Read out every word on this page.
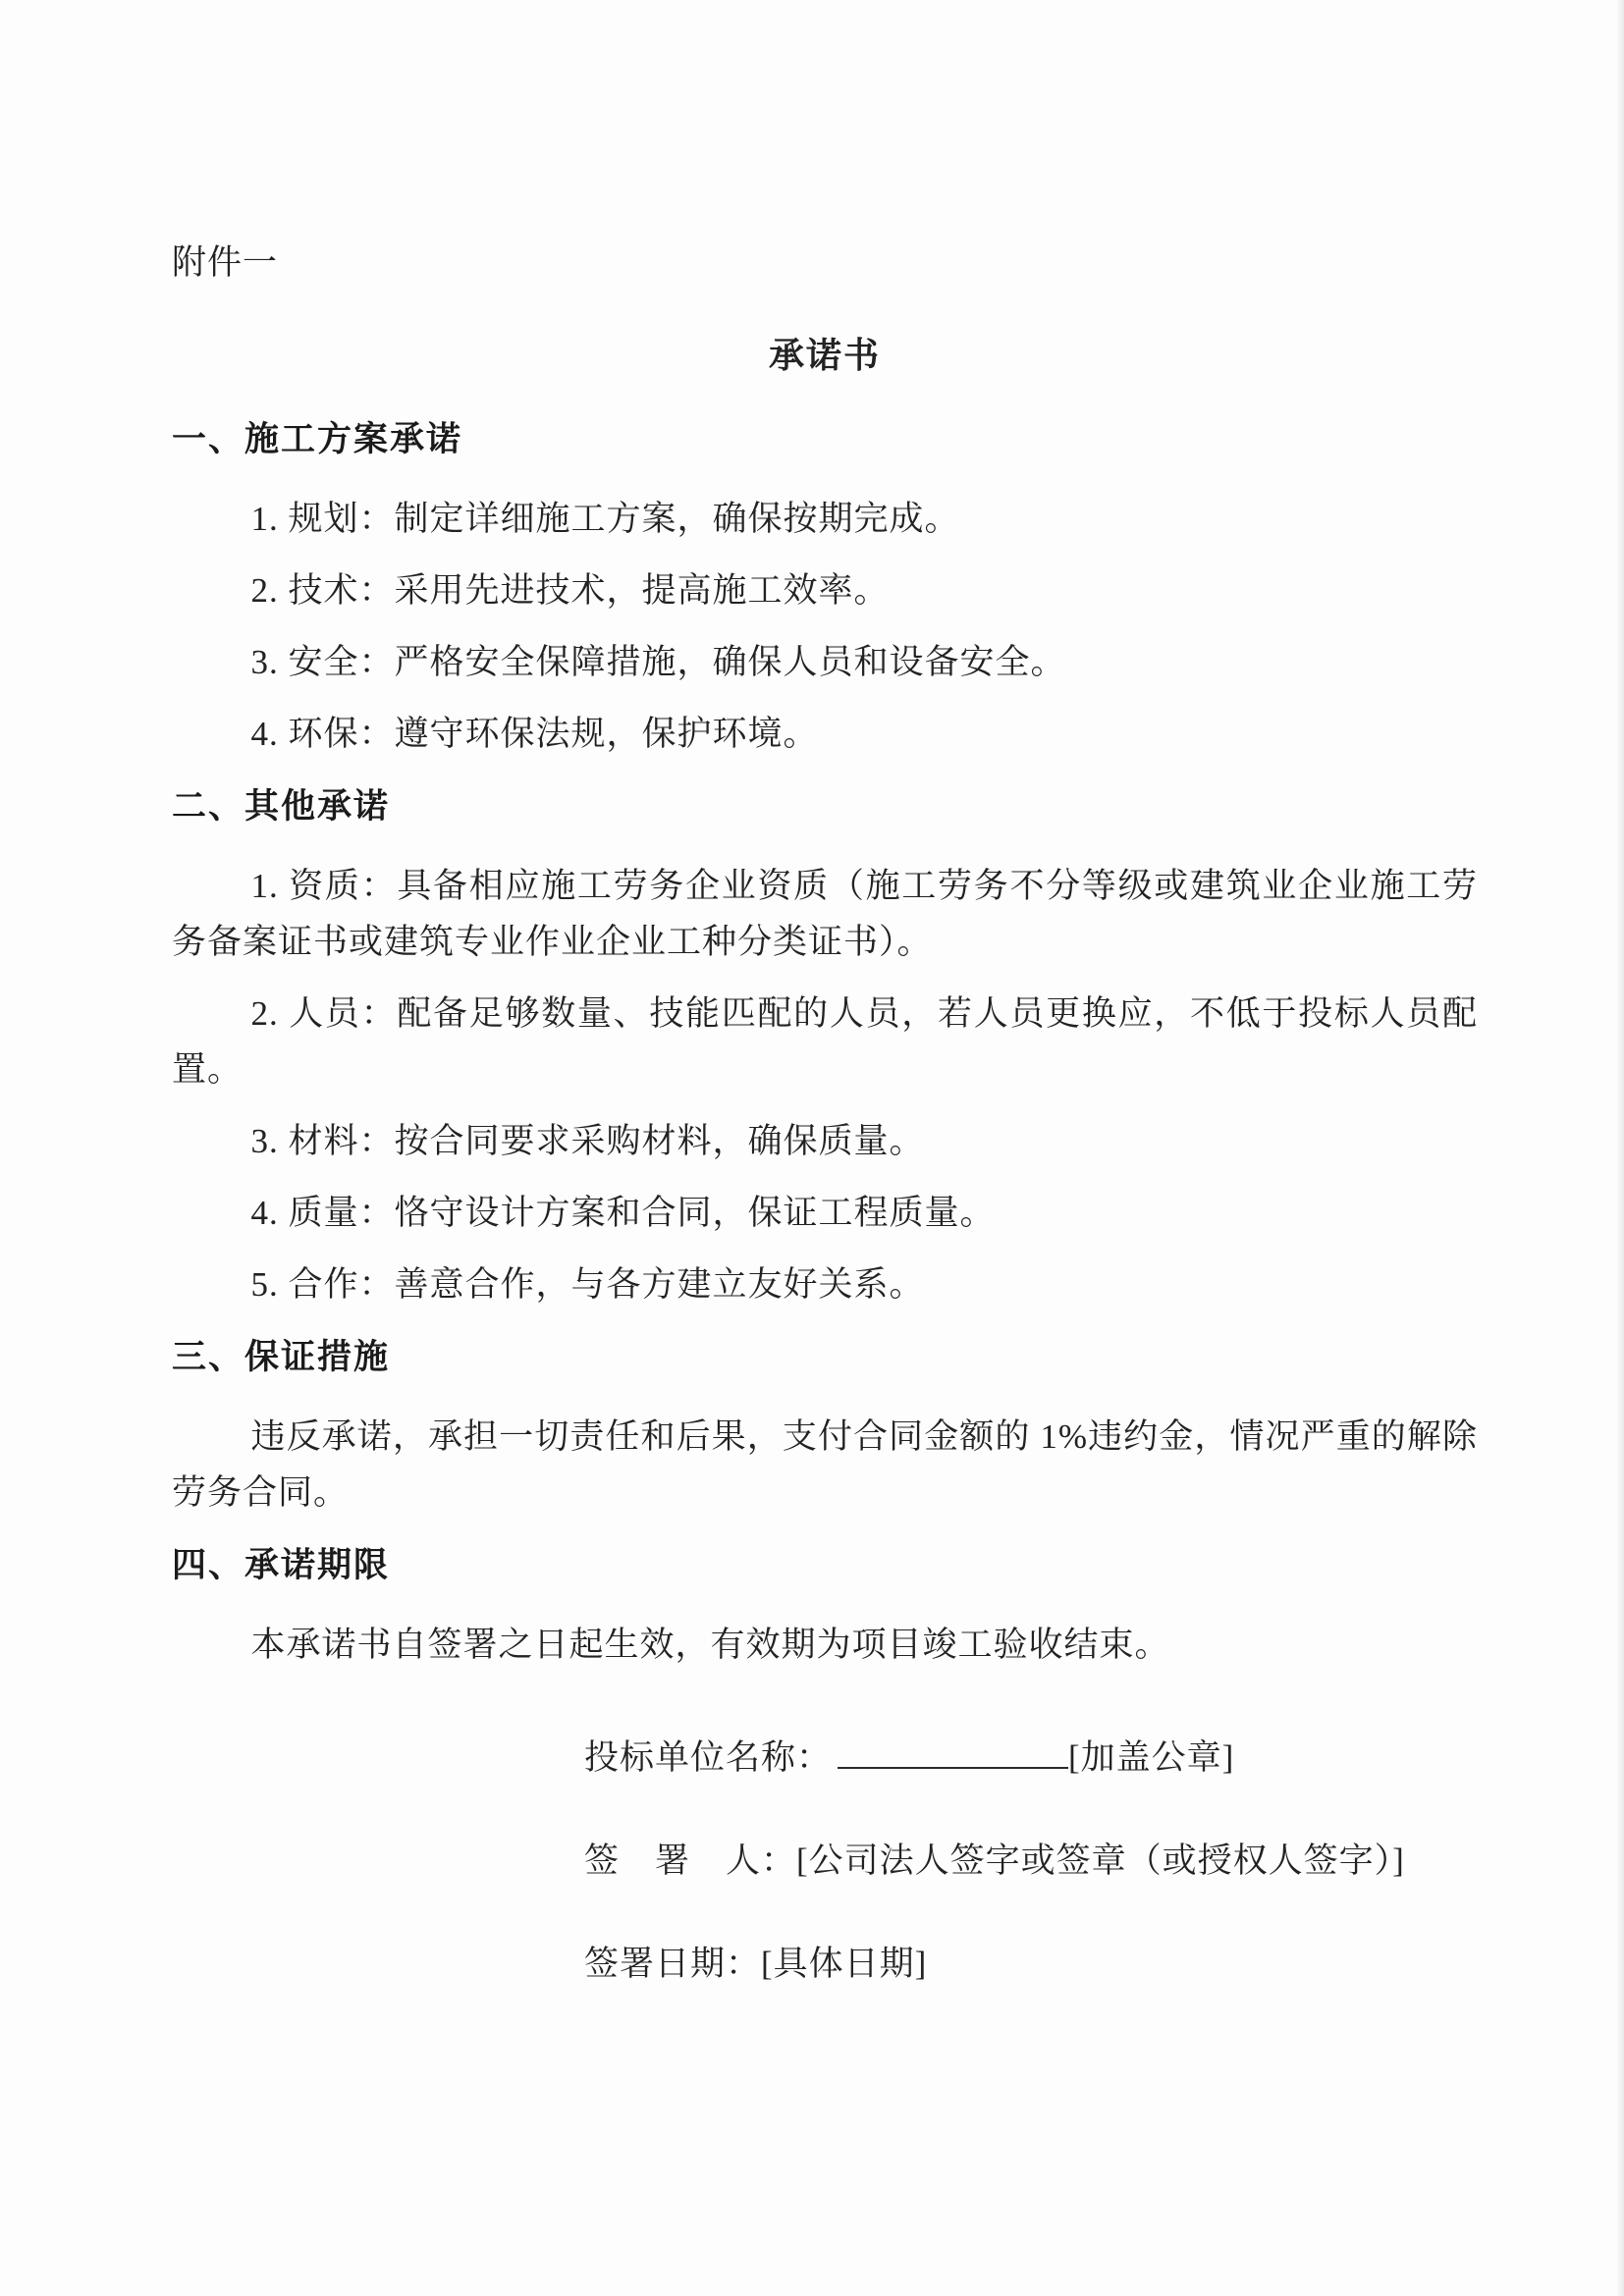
附件一
承诺书
一、施工方案承诺

1. 规划：制定详细施工方案，确保按期完成。

2. 技术：采用先进技术，提高施工效率。

3. 安全：严格安全保障措施，确保人员和设备安全。

4. 环保：遵守环保法规，保护环境。

二、其他承诺

1. 资质：具备相应施工劳务企业资质（施工劳务不分等级或建筑业企业施工劳务备案证书或建筑专业作业企业工种分类证书）。

2. 人员：配备足够数量、技能匹配的人员，若人员更换应，不低于投标人员配置。

3. 材料：按合同要求采购材料，确保质量。

4. 质量：恪守设计方案和合同，保证工程质量。

5. 合作：善意合作，与各方建立友好关系。

三、保证措施

违反承诺，承担一切责任和后果，支付合同金额的 1%违约金，情况严重的解除劳务合同。

四、承诺期限

本承诺书自签署之日起生效，有效期为项目竣工验收结束。

投标单位名称：	[加盖公章]
签　署　人：[公司法人签字或签章（或授权人签字）]
签署日期：[具体日期]
